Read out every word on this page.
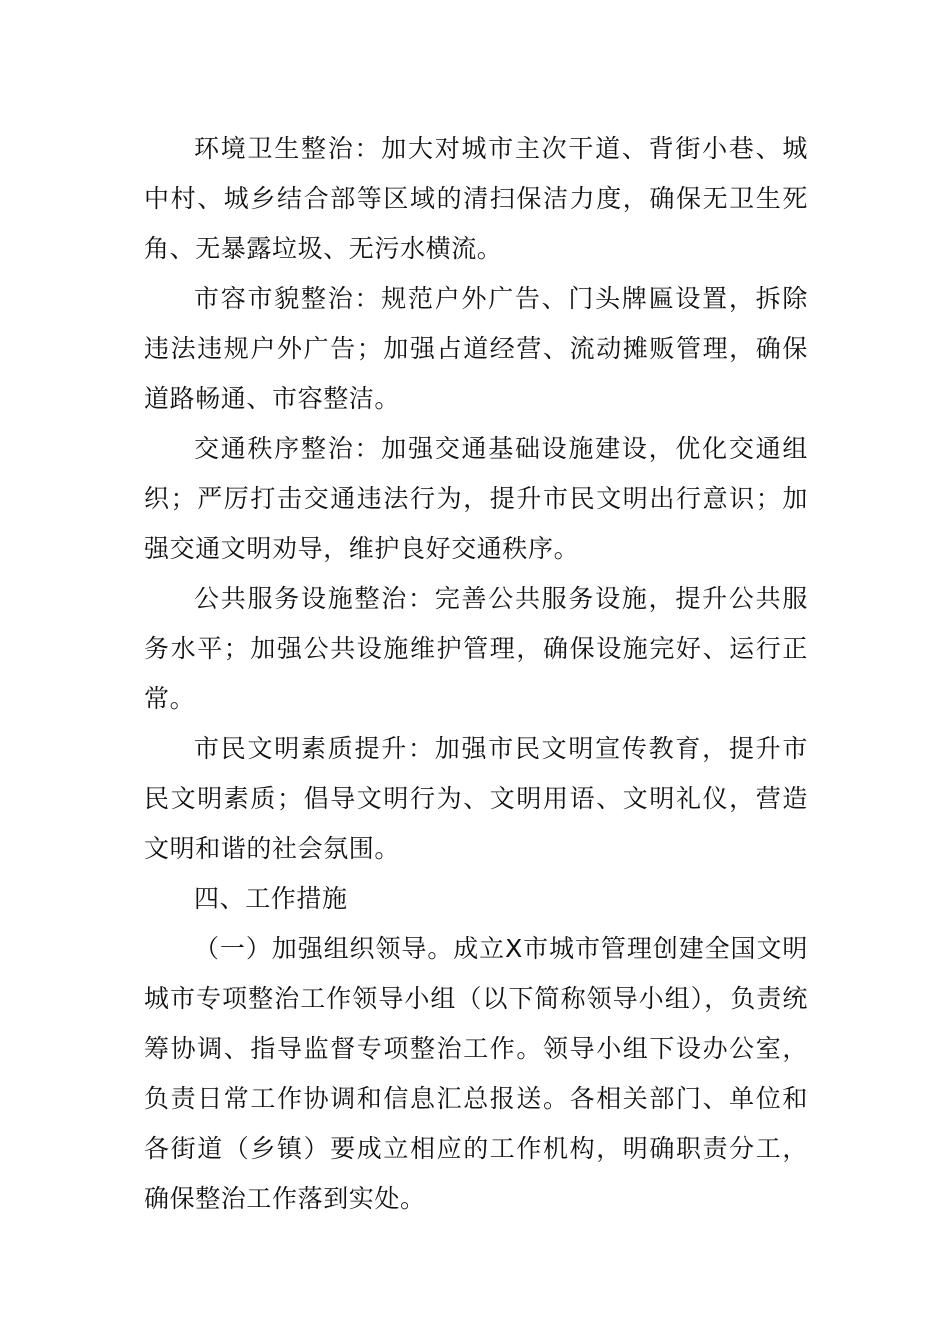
环境卫生整治：加大对城市主次干道、背街小巷、城中村、城乡结合部等区域的清扫保洁力度，确保无卫生死角、无暴露垃圾、无污水横流。

市容市貌整治：规范户外广告、门头牌匾设置，拆除违法违规户外广告；加强占道经营、流动摊贩管理，确保道路畅通、市容整洁。

交通秩序整治：加强交通基础设施建设，优化交通组织；严厉打击交通违法行为，提升市民文明出行意识；加强交通文明劝导，维护良好交通秩序。

公共服务设施整治：完善公共服务设施，提升公共服务水平；加强公共设施维护管理，确保设施完好、运行正常。

市民文明素质提升：加强市民文明宣传教育，提升市民文明素质；倡导文明行为、文明用语、文明礼仪，营造文明和谐的社会氛围。

四、工作措施

（一）加强组织领导。成立X市城市管理创建全国文明城市专项整治工作领导小组（以下简称领导小组），负责统筹协调、指导监督专项整治工作。领导小组下设办公室，负责日常工作协调和信息汇总报送。各相关部门、单位和各街道（乡镇）要成立相应的工作机构，明确职责分工，确保整治工作落到实处。
